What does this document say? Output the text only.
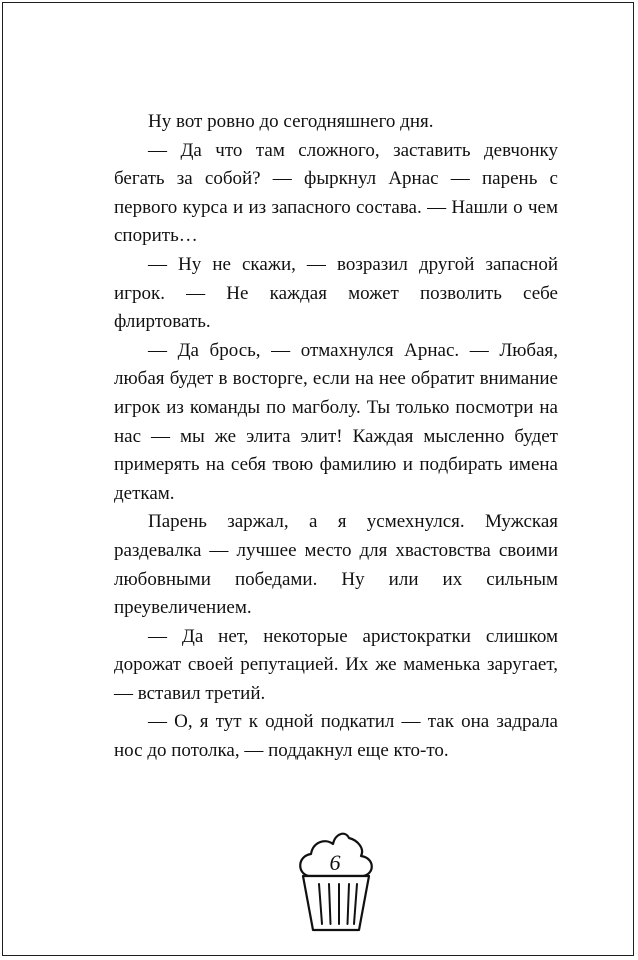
Ну вот ровно до сегодняшнего дня.

— Да что там сложного, заставить девчонку бегать за собой? — фыркнул Арнас — парень с первого курса и из запасного состава. — Нашли о чем спорить…

— Ну не скажи, — возразил другой запасной игрок. — Не каждая может позволить себе флиртовать.

— Да брось, — отмахнулся Арнас. — Любая, любая будет в восторге, если на нее обратит внимание игрок из команды по магболу. Ты только посмотри на нас — мы же элита элит! Каждая мысленно будет примерять на себя твою фамилию и подбирать имена деткам.

Парень заржал, а я усмехнулся. Мужская раздевалка — лучшее место для хвастовства своими любовными победами. Ну или их сильным преувеличением.

— Да нет, некоторые аристократки слишком дорожат своей репутацией. Их же маменька заругает, — вставил третий.

— О, я тут к одной подкатил — так она задрала нос до потолка, — поддакнул еще кто-то.

6
